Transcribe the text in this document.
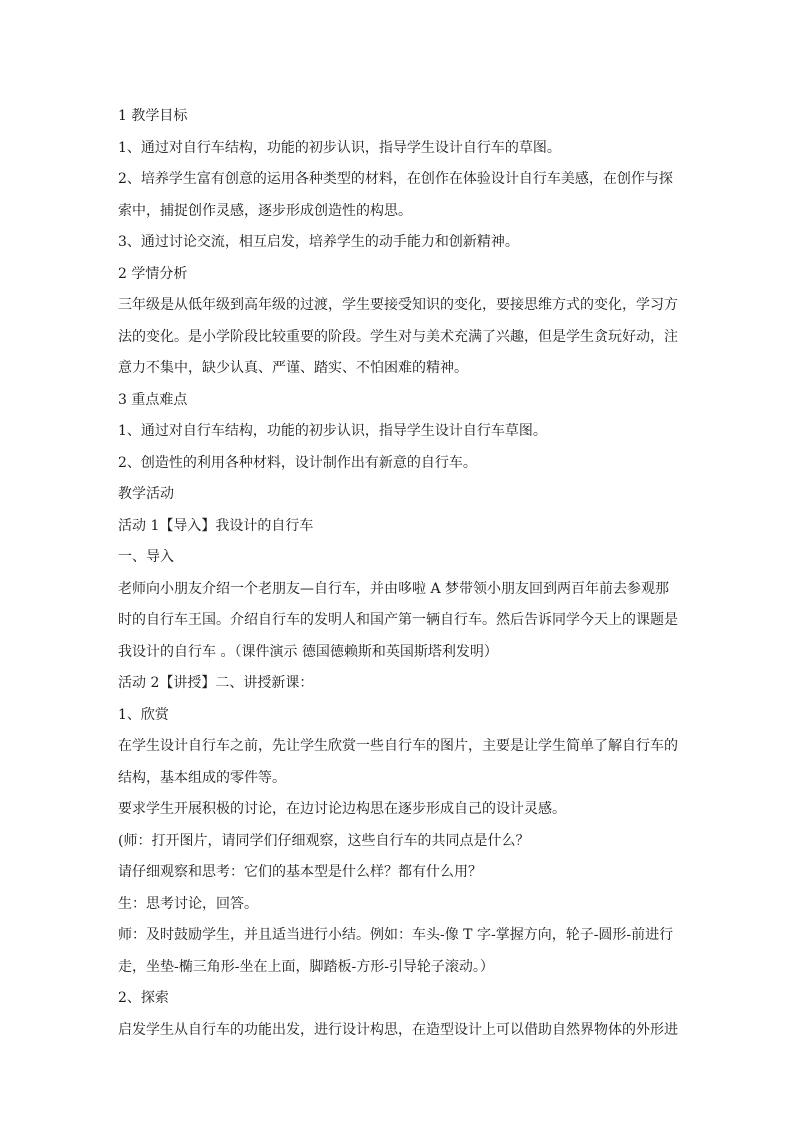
1 教学目标
1、通过对自行车结构，功能的初步认识，指导学生设计自行车的草图。
2、培养学生富有创意的运用各种类型的材料，在创作在体验设计自行车美感，在创作与探
索中，捕捉创作灵感，逐步形成创造性的构思。
3、通过讨论交流，相互启发，培养学生的动手能力和创新精神。
2 学情分析
三年级是从低年级到高年级的过渡，学生要接受知识的变化，要接思维方式的变化，学习方
法的变化。是小学阶段比较重要的阶段。学生对与美术充满了兴趣，但是学生贪玩好动，注
意力不集中，缺少认真、严谨、踏实、不怕困难的精神。
3 重点难点
1、通过对自行车结构，功能的初步认识，指导学生设计自行车草图。
2、创造性的利用各种材料，设计制作出有新意的自行车。
教学活动
活动 1【导入】我设计的自行车
一、导入
老师向小朋友介绍一个老朋友—自行车，并由哆啦 A 梦带领小朋友回到两百年前去参观那
时的自行车王国。介绍自行车的发明人和国产第一辆自行车。然后告诉同学今天上的课题是
我设计的自行车 。（课件演示 德国德赖斯和英国斯塔利发明）
活动 2【讲授】二、讲授新课：
1、欣赏
在学生设计自行车之前，先让学生欣赏一些自行车的图片，主要是让学生简单了解自行车的
结构，基本组成的零件等。
要求学生开展积极的讨论，在边讨论边构思在逐步形成自己的设计灵感。
(师：打开图片，请同学们仔细观察，这些自行车的共同点是什么？
请仔细观察和思考：它们的基本型是什么样？都有什么用？
生：思考讨论，回答。
师：及时鼓励学生，并且适当进行小结。例如：车头-像 T 字-掌握方向，轮子-圆形-前进行
走，坐垫-椭三角形-坐在上面，脚踏板-方形-引导轮子滚动。）
2、探索
启发学生从自行车的功能出发，进行设计构思，在造型设计上可以借助自然界物体的外形进
